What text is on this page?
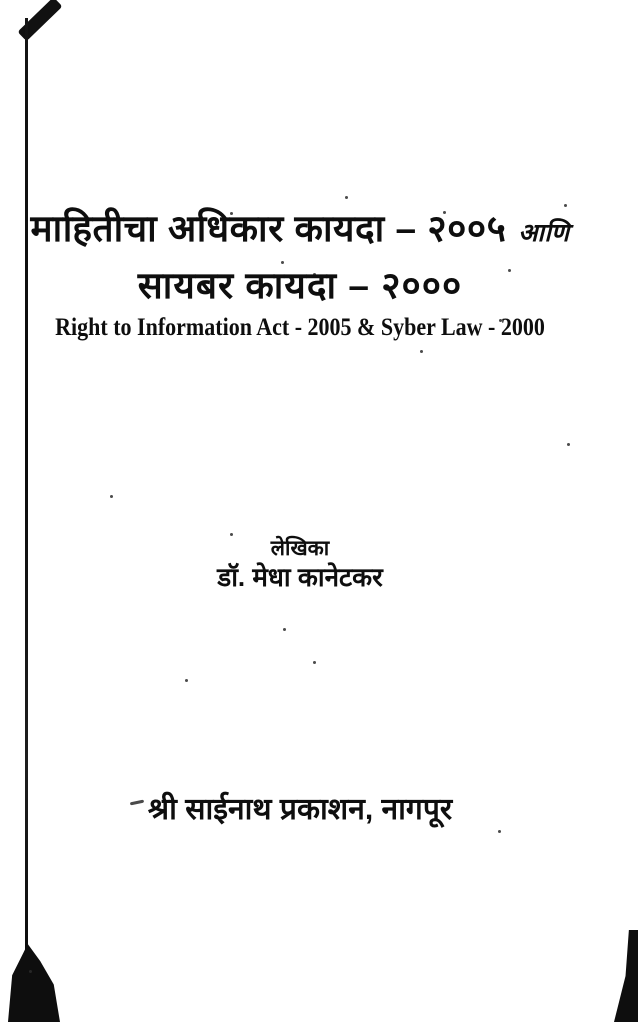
माहितीचा अधिकार कायदा – २००५ आणि
सायबर कायदा – २०००
Right to Information Act - 2005 & Syber Law - 2000
लेखिका
डॉ. मेधा कानेटकर
श्री साईनाथ प्रकाशन, नागपूर
